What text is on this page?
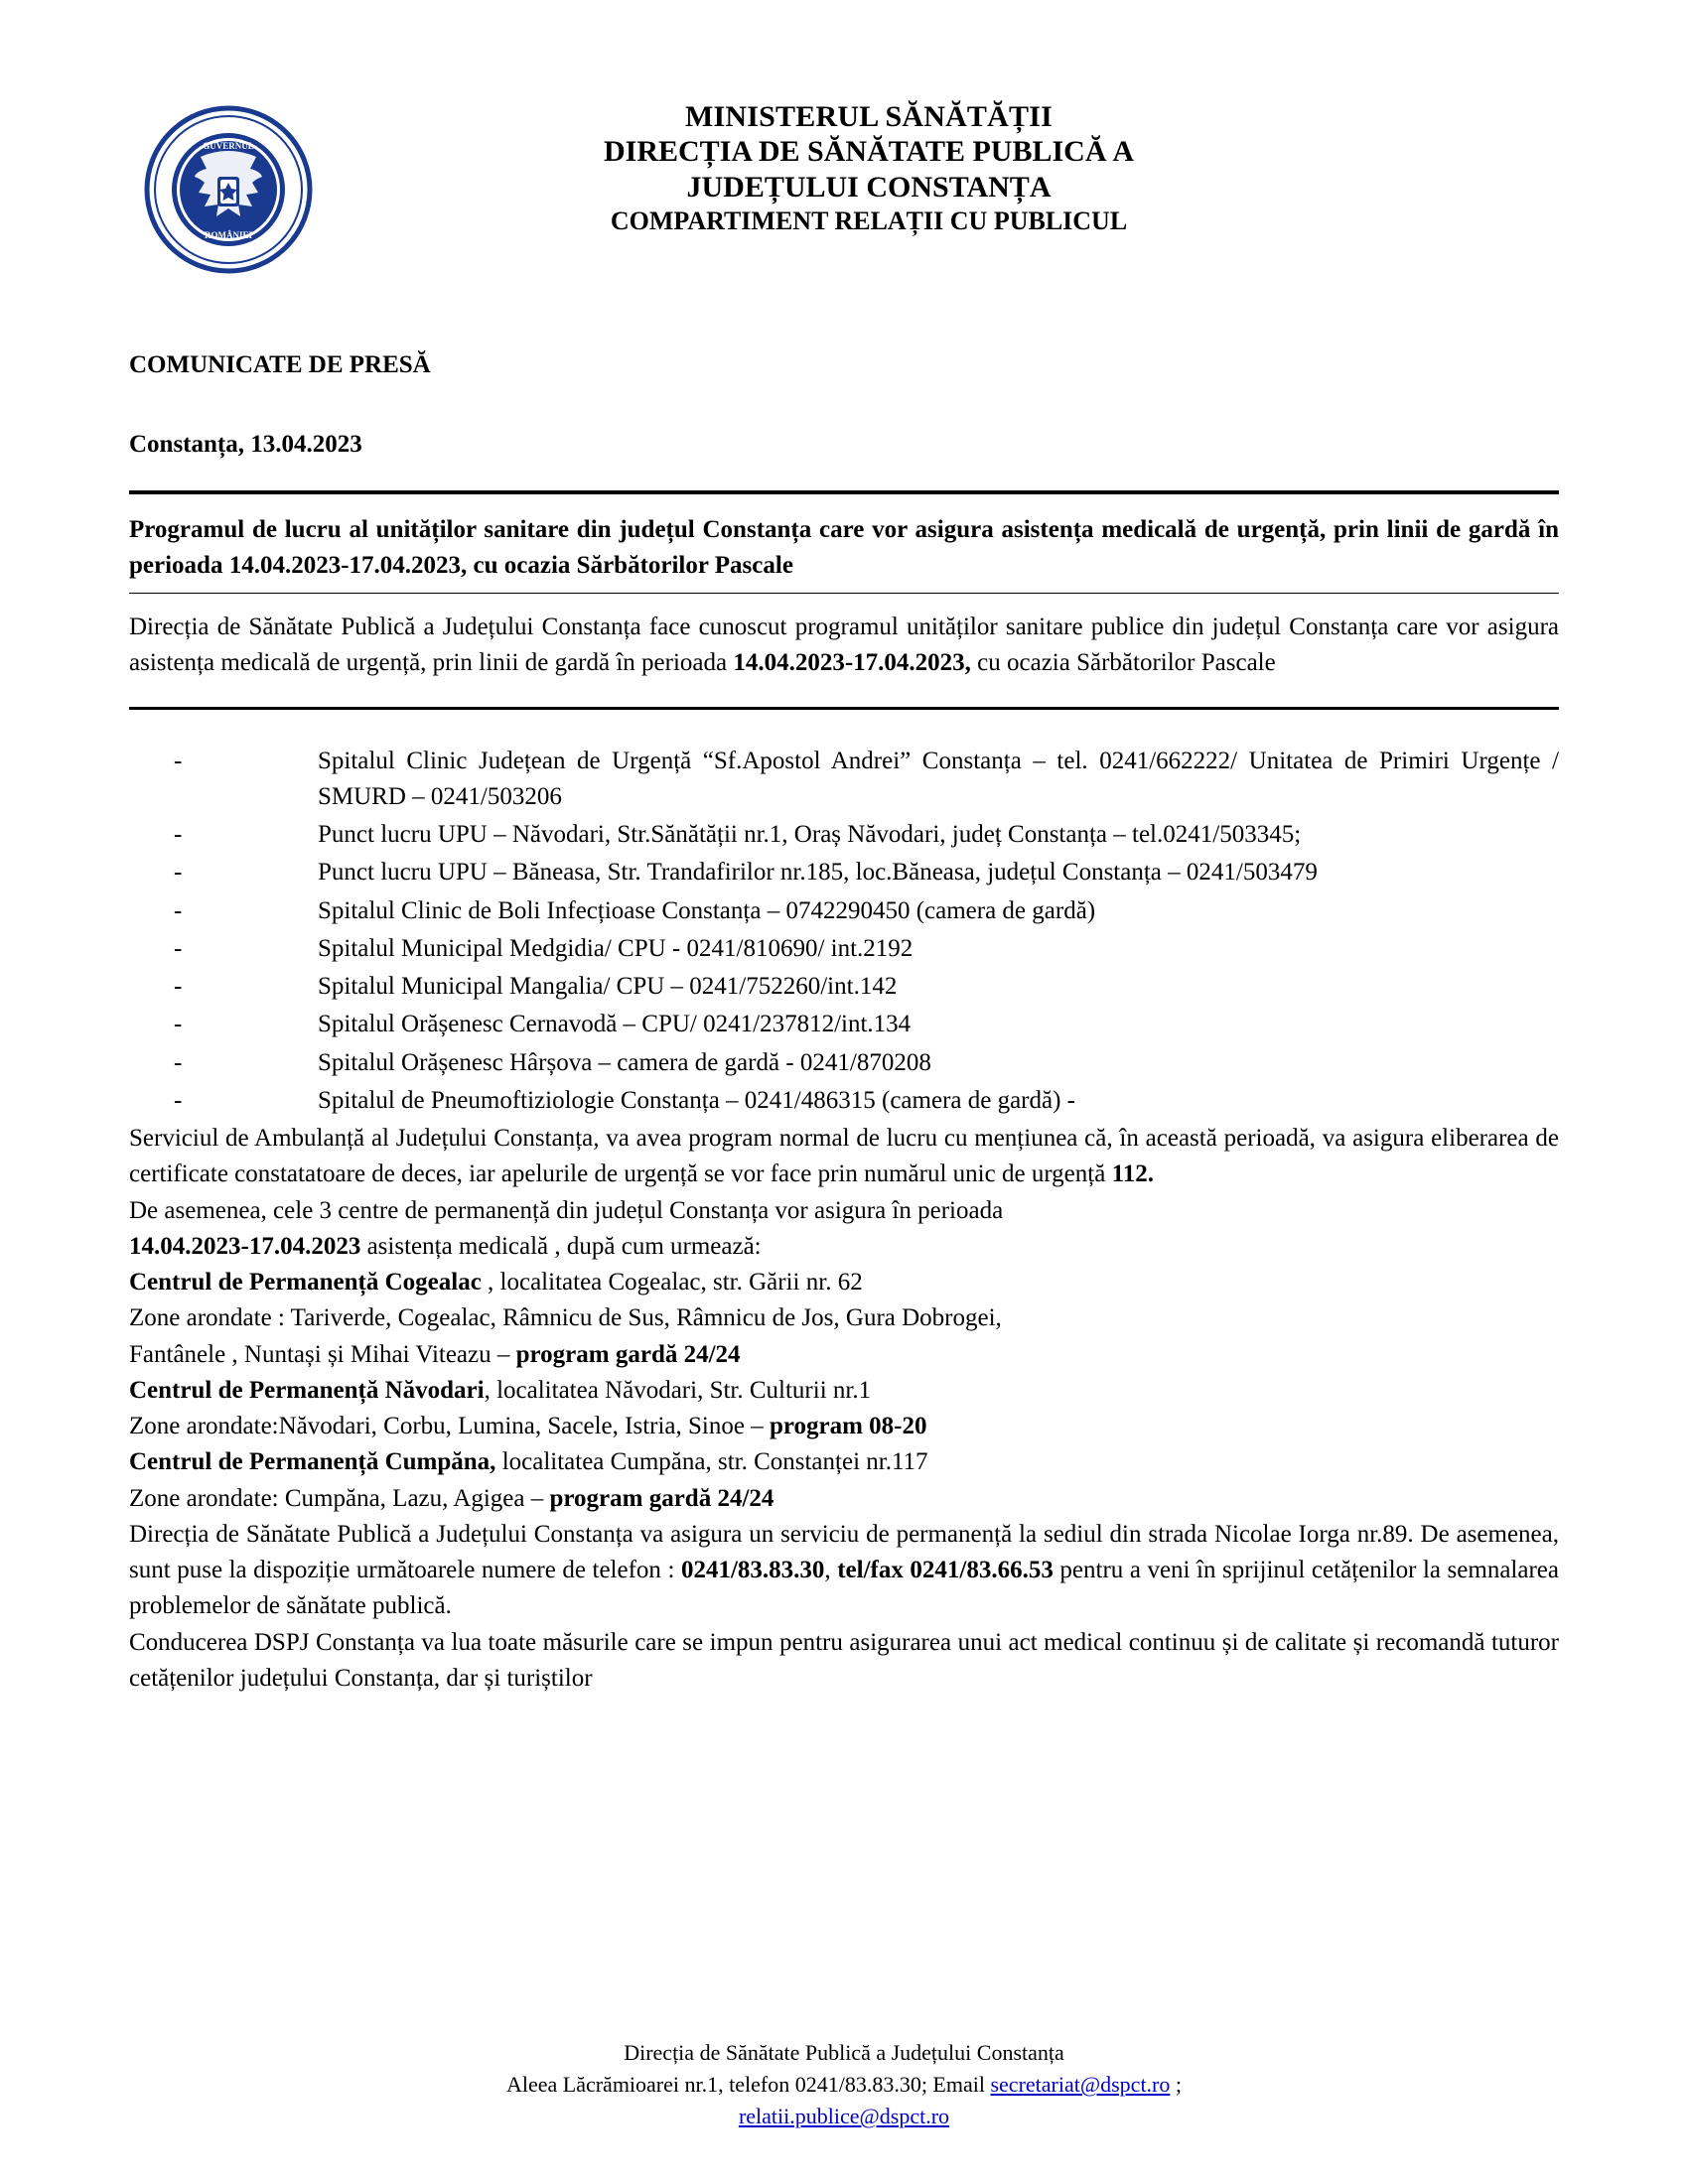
GUVERNUL
ROMÂNIEI
MINISTERUL SĂNĂTĂȚII
DIRECȚIA DE SĂNĂTATE PUBLICĂ A
JUDEȚULUI CONSTANȚA
COMPARTIMENT RELAȚII CU PUBLICUL
COMUNICATE DE PRESĂ
Constanța, 13.04.2023
Programul de lucru al unităților sanitare din județul Constanța care vor asigura asistența medicală de urgență, prin linii de gardă în perioada 14.04.2023-17.04.2023, cu ocazia Sărbătorilor Pascale

Direcția de Sănătate Publică a Județului Constanța face cunoscut programul unităților sanitare publice din județul Constanța care vor asigura asistența medicală de urgență, prin linii de gardă în perioada 14.04.2023-17.04.2023, cu ocazia Sărbătorilor Pascale

-	Spitalul Clinic Județean de Urgență “Sf.Apostol Andrei” Constanța – tel. 0241/662222/ Unitatea de Primiri Urgențe / SMURD – 0241/503206
-	Punct lucru UPU – Năvodari, Str.Sănătății nr.1, Oraș Năvodari, județ Constanța – tel.0241/503345;
-	Punct lucru UPU – Băneasa, Str. Trandafirilor nr.185, loc.Băneasa, județul Constanța – 0241/503479
-	Spitalul Clinic de Boli Infecțioase Constanța – 0742290450 (camera de gardă)
-	Spitalul Municipal Medgidia/ CPU - 0241/810690/ int.2192
-	Spitalul Municipal Mangalia/ CPU – 0241/752260/int.142
-	Spitalul Orășenesc Cernavodă – CPU/ 0241/237812/int.134
-	Spitalul Orășenesc Hârșova – camera de gardă - 0241/870208
-	Spitalul de Pneumoftiziologie Constanța – 0241/486315 (camera de gardă) -

Serviciul de Ambulanță al Județului Constanța, va avea program normal de lucru cu mențiunea că, în această perioadă, va asigura eliberarea de certificate constatatoare de deces, iar apelurile de urgență se vor face prin numărul unic de urgență 112.

De asemenea, cele 3 centre de permanență din județul Constanța vor asigura în perioada

14.04.2023-17.04.2023 asistența medicală , după cum urmează:

Centrul de Permanență Cogealac , localitatea Cogealac, str. Gării nr. 62

Zone arondate : Tariverde, Cogealac, Râmnicu de Sus, Râmnicu de Jos, Gura Dobrogei,

Fantânele , Nuntași și Mihai Viteazu – program gardă 24/24

Centrul de Permanență Năvodari, localitatea Năvodari, Str. Culturii nr.1

Zone arondate:Năvodari, Corbu, Lumina, Sacele, Istria, Sinoe – program 08-20

Centrul de Permanență Cumpăna, localitatea Cumpăna, str. Constanței nr.117

Zone arondate: Cumpăna, Lazu, Agigea – program gardă 24/24

Direcția de Sănătate Publică a Județului Constanța va asigura un serviciu de permanență la sediul din strada Nicolae Iorga nr.89. De asemenea, sunt puse la dispoziție următoarele numere de telefon : 0241/83.83.30, tel/fax 0241/83.66.53 pentru a veni în sprijinul cetățenilor la semnalarea problemelor de sănătate publică.

Conducerea DSPJ Constanța va lua toate măsurile care se impun pentru asigurarea unui act medical continuu și de calitate și recomandă tuturor cetățenilor județului Constanța, dar și turiștilor

Direcția de Sănătate Publică a Județului Constanța
Aleea Lăcrămioarei nr.1, telefon 0241/83.83.30; Email secretariat@dspct.ro ;
relatii.publice@dspct.ro
